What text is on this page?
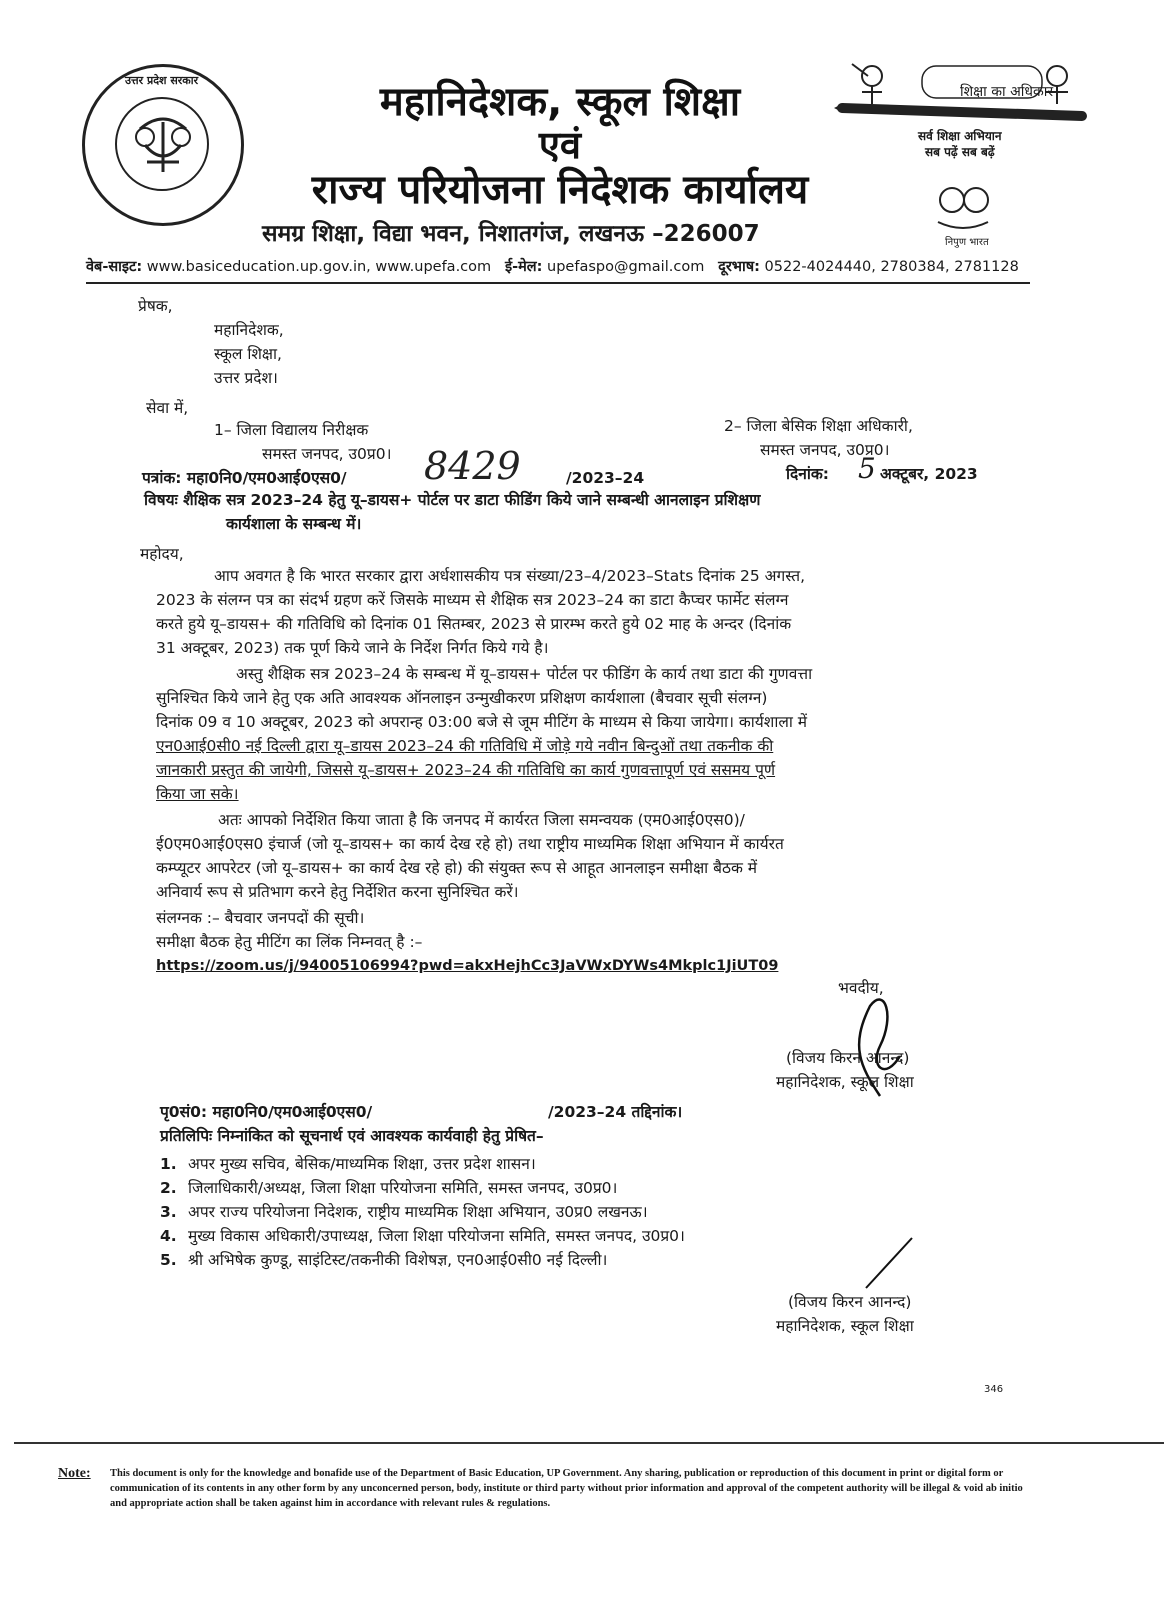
उत्तर प्रदेश सरकार	महानिदेशक, स्कूल शिक्षा
एवं
राज्य परियोजना निदेशक कार्यालय
समग्र शिक्षा, विद्या भवन, निशातगंज, लखनऊ –226007
शिक्षा का अधिकार
सर्व शिक्षा अभियान
सब पढ़ें सब बढ़ें
निपुण भारत
वेब-साइट: www.basiceducation.up.gov.in, www.upefa.com ई-मेल: upefaspo@gmail.com दूरभाष: 0522-4024440, 2780384, 2781128
प्रेषक,
महानिदेशक,
स्कूल शिक्षा,
उत्तर प्रदेश।
सेवा में,
1– जिला विद्यालय निरीक्षक
समस्त जनपद, उ0प्र0।
2– जिला बेसिक शिक्षा अधिकारी,
समस्त जनपद, उ0प्र0।
पत्रांक: महा0नि0/एम0आई0एस0/ 8429	/2023–24	दिनांक: 5 अक्टूबर, 2023
विषयः शैक्षिक सत्र 2023–24 हेतु यू–डायस+ पोर्टल पर डाटा फीडिंग किये जाने सम्बन्धी आनलाइन प्रशिक्षण
कार्यशाला के सम्बन्ध में।
महोदय,
आप अवगत है कि भारत सरकार द्वारा अर्धशासकीय पत्र संख्या/23–4/2023–Stats दिनांक 25 अगस्त,
2023 के संलग्न पत्र का संदर्भ ग्रहण करें जिसके माध्यम से शैक्षिक सत्र 2023–24 का डाटा कैप्चर फार्मेट संलग्न
करते हुये यू–डायस+ की गतिविधि को दिनांक 01 सितम्बर, 2023 से प्रारम्भ करते हुये 02 माह के अन्दर (दिनांक
31 अक्टूबर, 2023) तक पूर्ण किये जाने के निर्देश निर्गत किये गये है।
अस्तु शैक्षिक सत्र 2023–24 के सम्बन्ध में यू–डायस+ पोर्टल पर फीडिंग के कार्य तथा डाटा की गुणवत्ता
सुनिश्चित किये जाने हेतु एक अति आवश्यक ऑनलाइन उन्मुखीकरण प्रशिक्षण कार्यशाला (बैचवार सूची संलग्न)
दिनांक 09 व 10 अक्टूबर, 2023 को अपरान्ह 03:00 बजे से जूम मीटिंग के माध्यम से किया जायेगा। कार्यशाला में
एन0आई0सी0 नई दिल्ली द्वारा यू–डायस 2023–24 की गतिविधि में जोड़े गये नवीन बिन्दुओं तथा तकनीक की
जानकारी प्रस्तुत की जायेगी, जिससे यू–डायस+ 2023–24 की गतिविधि का कार्य गुणवत्तापूर्ण एवं ससमय पूर्ण
किया जा सके।
अतः आपको निर्देशित किया जाता है कि जनपद में कार्यरत जिला समन्वयक (एम0आई0एस0)/
ई0एम0आई0एस0 इंचार्ज (जो यू–डायस+ का कार्य देख रहे हो) तथा राष्ट्रीय माध्यमिक शिक्षा अभियान में कार्यरत
कम्प्यूटर आपरेटर (जो यू–डायस+ का कार्य देख रहे हो) की संयुक्त रूप से आहूत आनलाइन समीक्षा बैठक में
अनिवार्य रूप से प्रतिभाग करने हेतु निर्देशित करना सुनिश्चित करें।
संलग्नक :– बैचवार जनपदों की सूची।
समीक्षा बैठक हेतु मीटिंग का लिंक निम्नवत् है :–
https://zoom.us/j/94005106994?pwd=akxHejhCc3JaVWxDYWs4Mkplc1JiUT09
भवदीय,
(विजय किरन आनन्द)
महानिदेशक, स्कूल शिक्षा
पृ0सं0: महा0नि0/एम0आई0एस0/	/2023–24 तद्दिनांक।
प्रतिलिपिः निम्नांकित को सूचनार्थ एवं आवश्यक कार्यवाही हेतु प्रेषित–
1. अपर मुख्य सचिव, बेसिक/माध्यमिक शिक्षा, उत्तर प्रदेश शासन।
2. जिलाधिकारी/अध्यक्ष, जिला शिक्षा परियोजना समिति, समस्त जनपद, उ0प्र0।
3. अपर राज्य परियोजना निदेशक, राष्ट्रीय माध्यमिक शिक्षा अभियान, उ0प्र0 लखनऊ।
4. मुख्य विकास अधिकारी/उपाध्यक्ष, जिला शिक्षा परियोजना समिति, समस्त जनपद, उ0प्र0।
5. श्री अभिषेक कुण्डू, साइंटिस्ट/तकनीकी विशेषज्ञ, एन0आई0सी0 नई दिल्ली।
(विजय किरन आनन्द)
महानिदेशक, स्कूल शिक्षा
346
Note: This document is only for the knowledge and bonafide use of the Department of Basic Education, UP Government. Any sharing, publication or reproduction of this document in print or digital form or communication of its contents in any other form by any unconcerned person, body, institute or third party without prior information and approval of the competent authority will be illegal & void ab initio and appropriate action shall be taken against him in accordance with relevant rules & regulations.
